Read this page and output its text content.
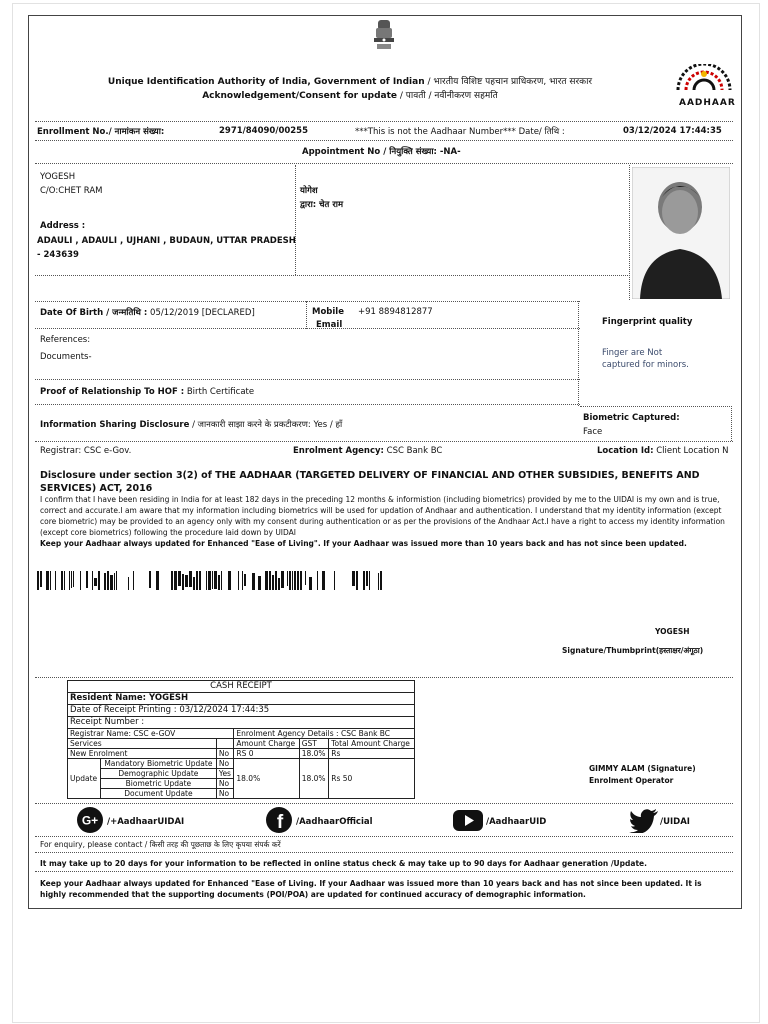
Unique Identification Authority of India, Government of Indian / भारतीय विशिष्ट पहचान प्राधिकरण, भारत सरकार
Acknowledgement/Consent for update / पावती / नवीनीकरण सहमति
AADHAAR
Enrollment No./ नामांकन संख्या:	2971/84090/00255	***This is not the Aadhaar Number*** Date/ तिथि :	03/12/2024 17:44:35
Appointment No / नियुक्ति संख्या: -NA-
YOGESH
C/O:CHET RAM
Address :
ADAULI , ADAULI , UJHANI , BUDAUN, UTTAR PRADESH
- 243639
योगेश
द्वारा: चेत राम
Date Of Birth / जन्मतिथि : 05/12/2019 [DECLARED]	Mobile +91 8894812877
Email
References:
Documents-
Proof of Relationship To HOF : Birth Certificate
Information Sharing Disclosure / जानकारी साझा करने के प्रकटीकरण: Yes / हाँ
Fingerprint quality
Finger are Not
captured for minors.
Biometric Captured:
Face
Registrar: CSC e-Gov.	Enrolment Agency: CSC Bank BC	Location Id: Client Location N
Disclosure under section 3(2) of THE AADHAAR (TARGETED DELIVERY OF FINANCIAL AND OTHER SUBSIDIES, BENEFITS AND SERVICES) ACT, 2016
I confirm that I have been residing in India for at least 182 days in the preceding 12 months & informistion (including biometrics) provided by me to the UIDAI is my own and is true, correct and accurate.I am aware that my information including biometrics will be used for updation of Andhaar and authentication. I understand that my identity information (except core biometric) may be provided to an agency only with my consent during authentication or as per the provisions of the Andhaar Act.I have a right to access my identity information (except core biometrics) following the procedure laid down by UIDAI
Keep your Aadhaar always updated for Enhanced "Ease of Living". If your Aadhaar was issued more than 10 years back and has not since been updated.
YOGESH
Signature/Thumbprint(हस्ताक्षर/अंगूठा)
CASH RECEIPT					
Resident Name: YOGESH					
Date of Receipt Printing : 03/12/2024 17:44:35					
Receipt Number :					
Registrar Name: CSC e-GOV			Enrolment Agency Details : CSC Bank BC		
Services			Amount Charge	GST	Total Amount Charge
New Enrolment		No	RS 0	18.0%	Rs
Update	Mandatory Biometric Update	No	18.0%	18.0%	Rs 50
	Demographic Update	Yes			
	Biometric Update	No			
	Document Update	No			
GIMMY ALAM (Signature)
Enrolment Operator
G+ /+AadhaarUIDAI	f /AadhaarOfficial	/AadhaarUID	/UIDAI
For enquiry, please contact / किसी तरह की पूछताछ के लिए कृपया संपर्क करें
It may take up to 20 days for your information to be reflected in online status check & may take up to 90 days for Aadhaar generation /Update.
Keep your Aadhaar always updated for Enhanced "Ease of Living. If your Aadhaar was issued more than 10 years back and has not since been updated. It is highly recommended that the supporting documents (POI/POA) are updated for continued accuracy of demographic information.
